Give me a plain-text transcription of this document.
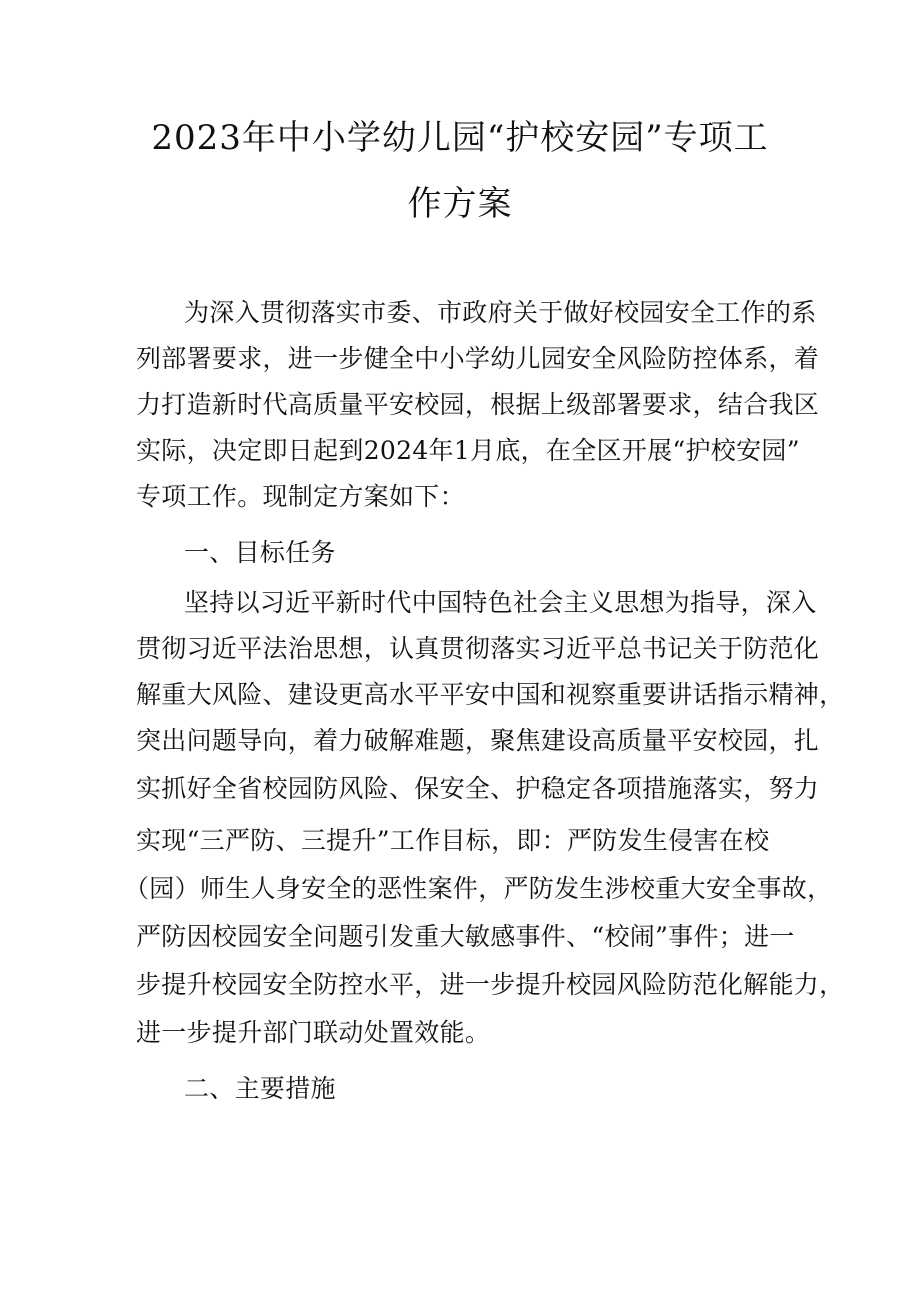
2023年中小学幼儿园“护校安园”专项工
作方案
为深入贯彻落实市委、市政府关于做好校园安全工作的系
列部署要求，进一步健全中小学幼儿园安全风险防控体系，着
力打造新时代高质量平安校园，根据上级部署要求，结合我区
实际，决定即日起到2024年1月底，在全区开展“护校安园”
专项工作。现制定方案如下：
一、目标任务
坚持以习近平新时代中国特色社会主义思想为指导，深入
贯彻习近平法治思想，认真贯彻落实习近平总书记关于防范化
解重大风险、建设更高水平平安中国和视察重要讲话指示精神，
突出问题导向，着力破解难题，聚焦建设高质量平安校园，扎
实抓好全省校园防风险、保安全、护稳定各项措施落实，努力
实现“三严防、三提升”工作目标，即：严防发生侵害在校
（园）师生人身安全的恶性案件，严防发生涉校重大安全事故，
严防因校园安全问题引发重大敏感事件、“校闹”事件；进一
步提升校园安全防控水平，进一步提升校园风险防范化解能力，
进一步提升部门联动处置效能。
二、主要措施
